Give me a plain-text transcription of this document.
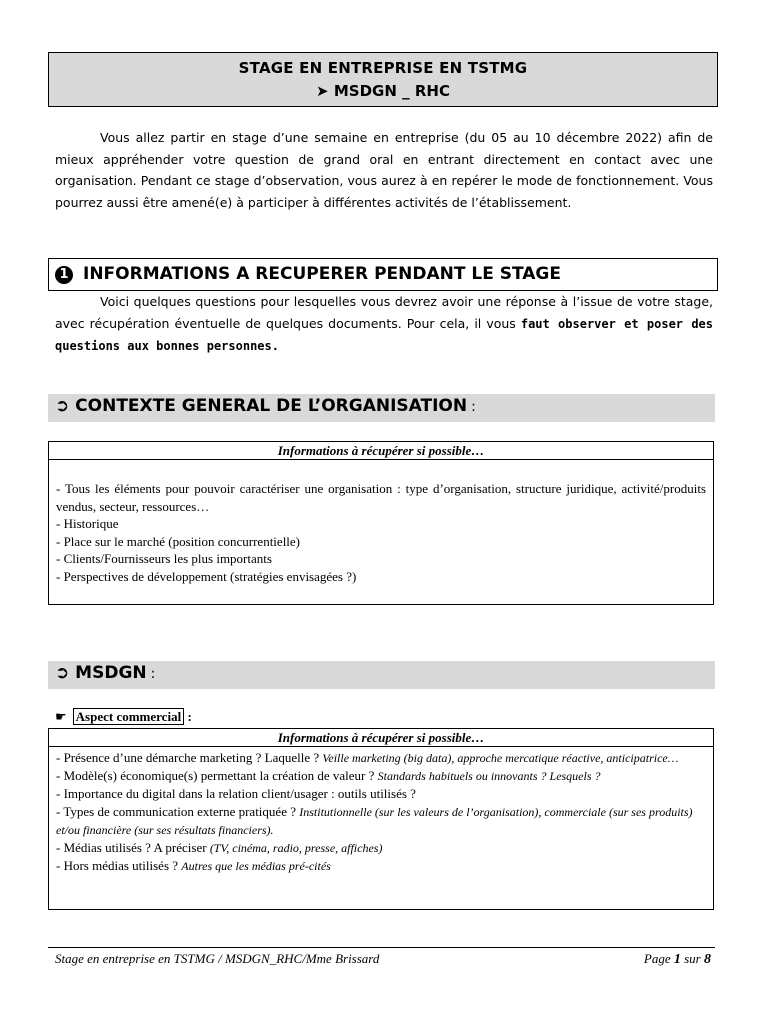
STAGE EN ENTREPRISE EN TSTMG
➤ MSDGN _ RHC
Vous allez partir en stage d’une semaine en entreprise (du 05 au 10 décembre 2022) afin de mieux appréhender votre question de grand oral en entrant directement en contact avec une organisation. Pendant ce stage d’observation, vous aurez à en repérer le mode de fonctionnement. Vous pourrez aussi être amené(e) à participer à différentes activités de l’établissement.
1 INFORMATIONS A RECUPERER PENDANT LE STAGE
Voici quelques questions pour lesquelles vous devrez avoir une réponse à l’issue de votre stage, avec récupération éventuelle de quelques documents. Pour cela, il vous faut observer et poser des questions aux bonnes personnes.
➲ CONTEXTE GENERAL DE L’ORGANISATION :
Informations à récupérer si possible…
- Tous les éléments pour pouvoir caractériser une organisation : type d’organisation, structure juridique, activité/produits vendus, secteur, ressources…
- Historique
- Place sur le marché (position concurrentielle)
- Clients/Fournisseurs les plus importants
- Perspectives de développement (stratégies envisagées ?)
➲ MSDGN :
☛ Aspect commercial :
Informations à récupérer si possible…
- Présence d’une démarche marketing ? Laquelle ? Veille marketing (big data), approche mercatique réactive, anticipatrice…
- Modèle(s) économique(s) permettant la création de valeur ? Standards habituels ou innovants ? Lesquels ?
- Importance du digital dans la relation client/usager : outils utilisés ?
- Types de communication externe pratiquée ? Institutionnelle (sur les valeurs de l’organisation), commerciale (sur ses produits) et/ou financière (sur ses résultats financiers).
- Médias utilisés ? A préciser (TV, cinéma, radio, presse, affiches)
- Hors médias utilisés ? Autres que les médias pré-cités
Stage en entreprise en TSTMG / MSDGN_RHC/Mme Brissard	Page 1 sur 8
